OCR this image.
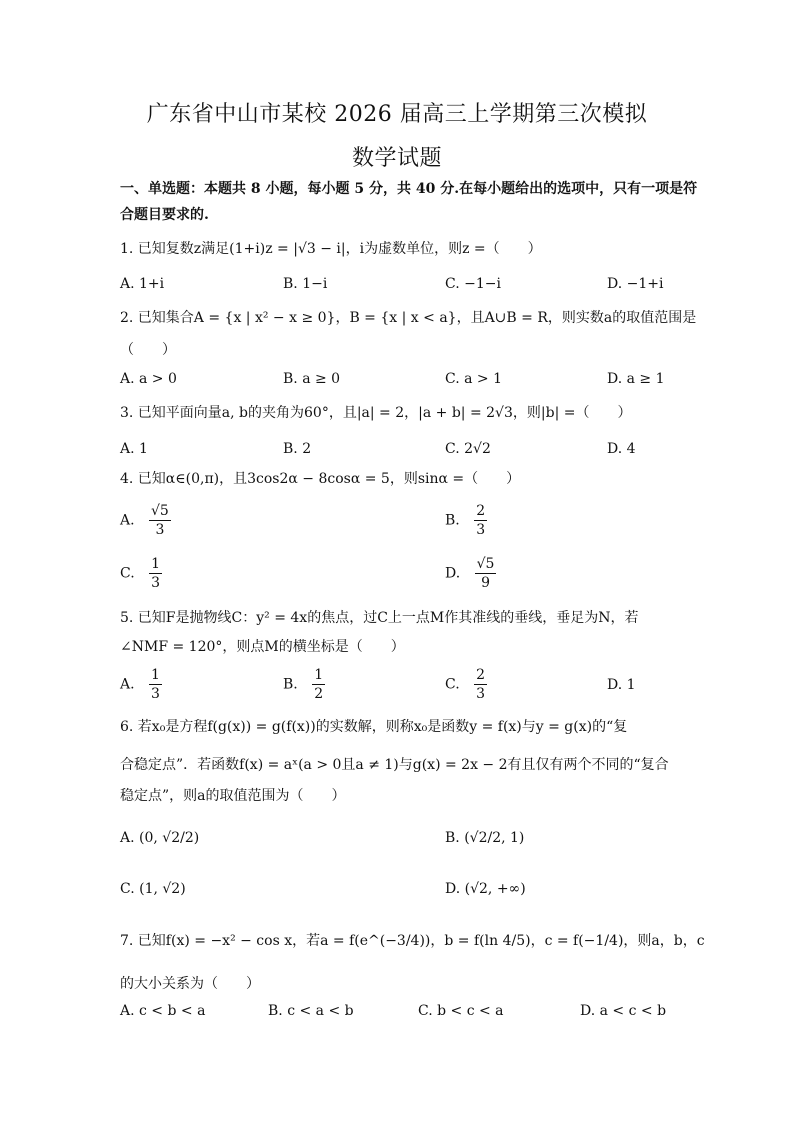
广东省中山市某校 2026 届高三上学期第三次模拟
数学试题
一、单选题：本题共 8 小题，每小题 5 分，共 40 分.在每小题给出的选项中，只有一项是符
合题目要求的.
1. 已知复数z满足(1+i)z = |√3 − i|，i为虚数单位，则z =（　　）
A. 1+i	B. 1−i	C. −1−i	D. −1+i
2. 已知集合A = {x | x² − x ≥ 0}，B = {x | x < a}，且A∪B = R，则实数a的取值范围是
（　　）
A. a > 0	B. a ≥ 0	C. a > 1	D. a ≥ 1
3. 已知平面向量a, b的夹角为60°，且|a| = 2，|a + b| = 2√3，则|b| =（　　）
A. 1	B. 2	C. 2√2	D. 4
4. 已知α∈(0,π)，且3cos2α − 8cosα = 5，则sinα =（　　）
A. $\frac{√5}{3}$	B. $\frac{2}{3}$
C. $\frac{1}{3}$	D. $\frac{√5}{9}$
5. 已知F是抛物线C：y² = 4x的焦点，过C上一点M作其准线的垂线，垂足为N，若
∠NMF = 120°，则点M的横坐标是（　　）
A. $\frac{1}{3}$	B. $\frac{1}{2}$	C. $\frac{2}{3}$	D. 1
6. 若x₀是方程f(g(x)) = g(f(x))的实数解，则称x₀是函数y = f(x)与y = g(x)的“复
合稳定点”．若函数f(x) = aˣ(a > 0且a ≠ 1)与g(x) = 2x − 2有且仅有两个不同的“复合
稳定点”，则a的取值范围为（　　）
A. (0, √2/2)	B. (√2/2, 1)
C. (1, √2)	D. (√2, +∞)
7. 已知f(x) = −x² − cos x，若a = f(e^(−3/4))，b = f(ln 4/5)，c = f(−1/4)，则a，b，c
的大小关系为（　　）
A. c < b < a	B. c < a < b	C. b < c < a	D. a < c < b
